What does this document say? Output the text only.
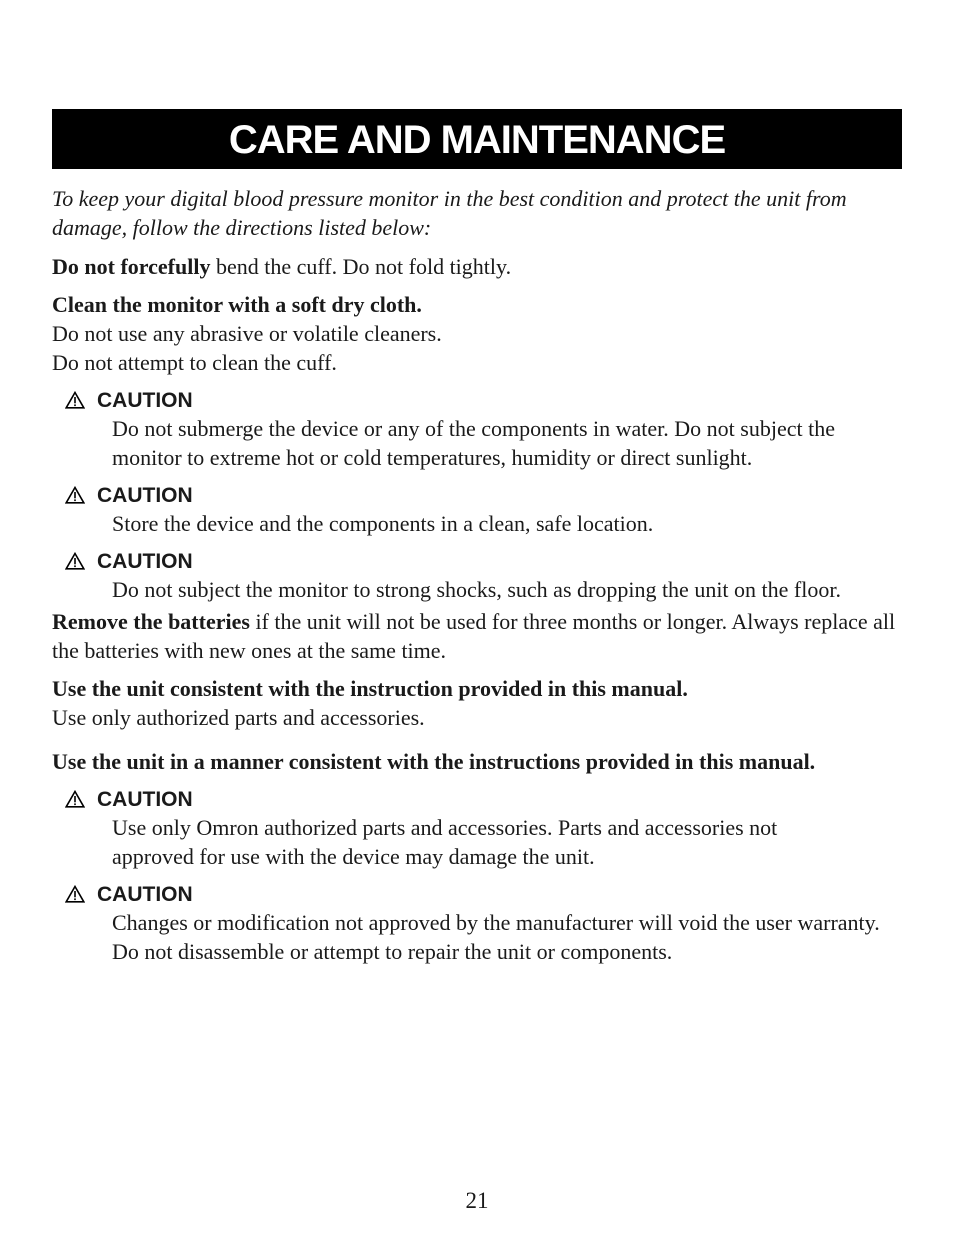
CARE AND MAINTENANCE

To keep your digital blood pressure monitor in the best condition and protect the unit from damage, follow the directions listed below:

Do not forcefully bend the cuff. Do not fold tightly.

Clean the monitor with a soft dry cloth.

Do not use any abrasive or volatile cleaners.

Do not attempt to clean the cuff.

CAUTION

Do not submerge the device or any of the components in water. Do not subject the monitor to extreme hot or cold temperatures, humidity or direct sunlight.

CAUTION

Store the device and the components in a clean, safe location.

CAUTION

Do not subject the monitor to strong shocks, such as dropping the unit on the floor.

Remove the batteries if the unit will not be used for three months or longer. Always replace all the batteries with new ones at the same time.

Use the unit consistent with the instruction provided in this manual.

Use only authorized parts and accessories.

Use the unit in a manner consistent with the instructions provided in this manual.

CAUTION

Use only Omron authorized parts and accessories. Parts and accessories not approved for use with the device may damage the unit.

CAUTION

Changes or modification not approved by the manufacturer will void the user warranty. Do not disassemble or attempt to repair the unit or components.

21
